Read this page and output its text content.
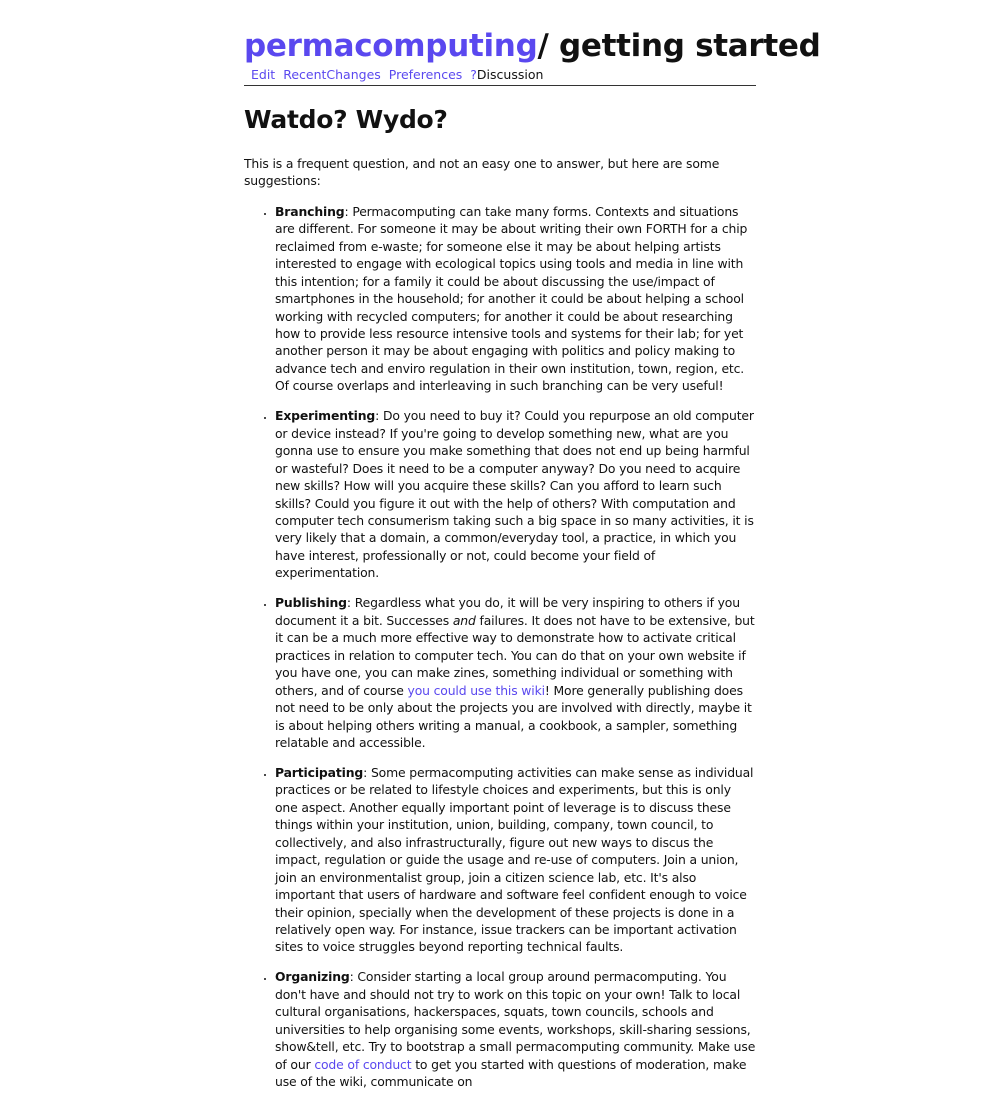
permacomputing/ getting started
Edit RecentChanges Preferences ?Discussion
Watdo? Wydo?

This is a frequent question, and not an easy one to answer, but here are some suggestions:

• Branching: Permacomputing can take many forms. Contexts and situations are different. For someone it may be about writing their own FORTH for a chip reclaimed from e-waste; for someone else it may be about helping artists interested to engage with ecological topics using tools and media in line with this intention; for a family it could be about discussing the use/impact of smartphones in the household; for another it could be about helping a school working with recycled computers; for another it could be about researching how to provide less resource intensive tools and systems for their lab; for yet another person it may be about engaging with politics and policy making to advance tech and enviro regulation in their own institution, town, region, etc. Of course overlaps and interleaving in such branching can be very useful!
• Experimenting: Do you need to buy it? Could you repurpose an old computer or device instead? If you're going to develop something new, what are you gonna use to ensure you make something that does not end up being harmful or wasteful? Does it need to be a computer anyway? Do you need to acquire new skills? How will you acquire these skills? Can you afford to learn such skills? Could you figure it out with the help of others? With computation and computer tech consumerism taking such a big space in so many activities, it is very likely that a domain, a common/everyday tool, a practice, in which you have interest, professionally or not, could become your field of experimentation.
• Publishing: Regardless what you do, it will be very inspiring to others if you document it a bit. Successes and failures. It does not have to be extensive, but it can be a much more effective way to demonstrate how to activate critical practices in relation to computer tech. You can do that on your own website if you have one, you can make zines, something individual or something with others, and of course you could use this wiki! More generally publishing does not need to be only about the projects you are involved with directly, maybe it is about helping others writing a manual, a cookbook, a sampler, something relatable and accessible.
• Participating: Some permacomputing activities can make sense as individual practices or be related to lifestyle choices and experiments, but this is only one aspect. Another equally important point of leverage is to discuss these things within your institution, union, building, company, town council, to collectively, and also infrastructurally, figure out new ways to discus the impact, regulation or guide the usage and re-use of computers. Join a union, join an environmentalist group, join a citizen science lab, etc. It's also important that users of hardware and software feel confident enough to voice their opinion, specially when the development of these projects is done in a relatively open way. For instance, issue trackers can be important activation sites to voice struggles beyond reporting technical faults.
• Organizing: Consider starting a local group around permacomputing. You don't have and should not try to work on this topic on your own! Talk to local cultural organisations, hackerspaces, squats, town councils, schools and universities to help organising some events, workshops, skill-sharing sessions, show&tell, etc. Try to bootstrap a small permacomputing community. Make use of our code of conduct to get you started with questions of moderation, make use of the wiki, communicate on
